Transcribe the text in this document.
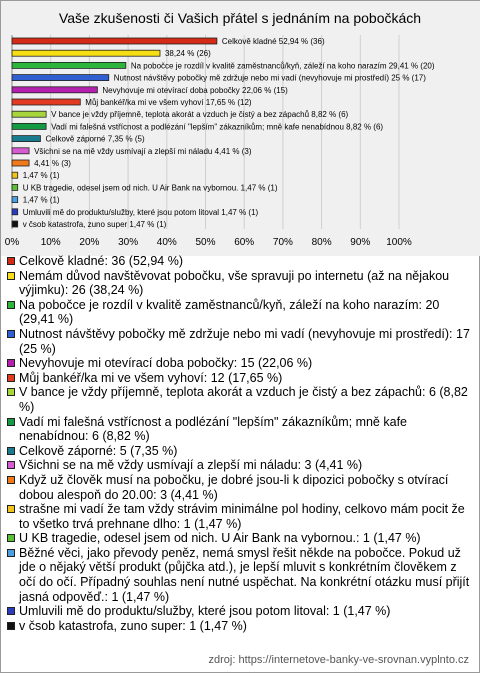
Vaše zkušenosti či Vašich přátel s jednáním na pobočkách
Celkově kladné 52,94 % (36)
38,24 % (26)
Na pobočce je rozdíl v kvalitě zaměstnanců/kyň, záleží na koho narazím 29,41 % (20)
Nutnost návštěvy pobočky mě zdržuje nebo mi vadí (nevyhovuje mi prostředí) 25 % (17)
Nevyhovuje mi otevírací doba pobočky 22,06 % (15)
Můj bankéř/ka mi ve všem vyhoví 17,65 % (12)
V bance je vždy příjemně, teplota akorát a vzduch je čistý a bez zápachů 8,82 % (6)
Vadí mi falešná vstřícnost a podlézání "lepším" zákazníkům; mně kafe nenabídnou 8,82 % (6)
Celkově záporné 7,35 % (5)
Všichni se na mě vždy usmívají a zlepší mi náladu 4,41 % (3)
4,41 % (3)
1,47 % (1)
U KB tragedie, odesel jsem od nich. U Air Bank na vybornou. 1,47 % (1)
1,47 % (1)
Umluvili mě do produktu/služby, které jsou potom litoval 1,47 % (1)
v čsob katastrofa, zuno super 1,47 % (1)
0% 10% 20% 30% 40% 50% 60% 70% 80% 90% 100%
Celkově kladné: 36 (52,94 %)
Nemám důvod navštěvovat pobočku, vše spravuji po internetu (až na nějakou výjimku): 26 (38,24 %)
Na pobočce je rozdíl v kvalitě zaměstnanců/kyň, záleží na koho narazím: 20 (29,41 %)
Nutnost návštěvy pobočky mě zdržuje nebo mi vadí (nevyhovuje mi prostředí): 17 (25 %)
Nevyhovuje mi otevírací doba pobočky: 15 (22,06 %)
Můj bankéř/ka mi ve všem vyhoví: 12 (17,65 %)
V bance je vždy příjemně, teplota akorát a vzduch je čistý a bez zápachů: 6 (8,82 %)
Vadí mi falešná vstřícnost a podlézání "lepším" zákazníkům; mně kafe nenabídnou: 6 (8,82 %)
Celkově záporné: 5 (7,35 %)
Všichni se na mě vždy usmívají a zlepší mi náladu: 3 (4,41 %)
Když už člověk musí na pobočku, je dobré jsou-li k dipozici pobočky s otvírací dobou alespoň do 20.00: 3 (4,41 %)
strašne mi vadí že tam vždy strávim minimálne pol hodiny, celkovo mám pocit že to všetko trvá prehnane dlho: 1 (1,47 %)
U KB tragedie, odesel jsem od nich. U Air Bank na vybornou.: 1 (1,47 %)
Běžné věci, jako převody peněz, nemá smysl řešit někde na pobočce. Pokud už jde o nějaký větší produkt (půjčka atd.), je lepší mluvit s konkrétním člověkem z očí do očí. Případný souhlas není nutné uspěchat. Na konkrétní otázku musí přijít jasná odpověď.: 1 (1,47 %)
Umluvili mě do produktu/služby, které jsou potom litoval: 1 (1,47 %)
v čsob katastrofa, zuno super: 1 (1,47 %)
zdroj: https://internetove-banky-ve-srovnan.vyplnto.cz
